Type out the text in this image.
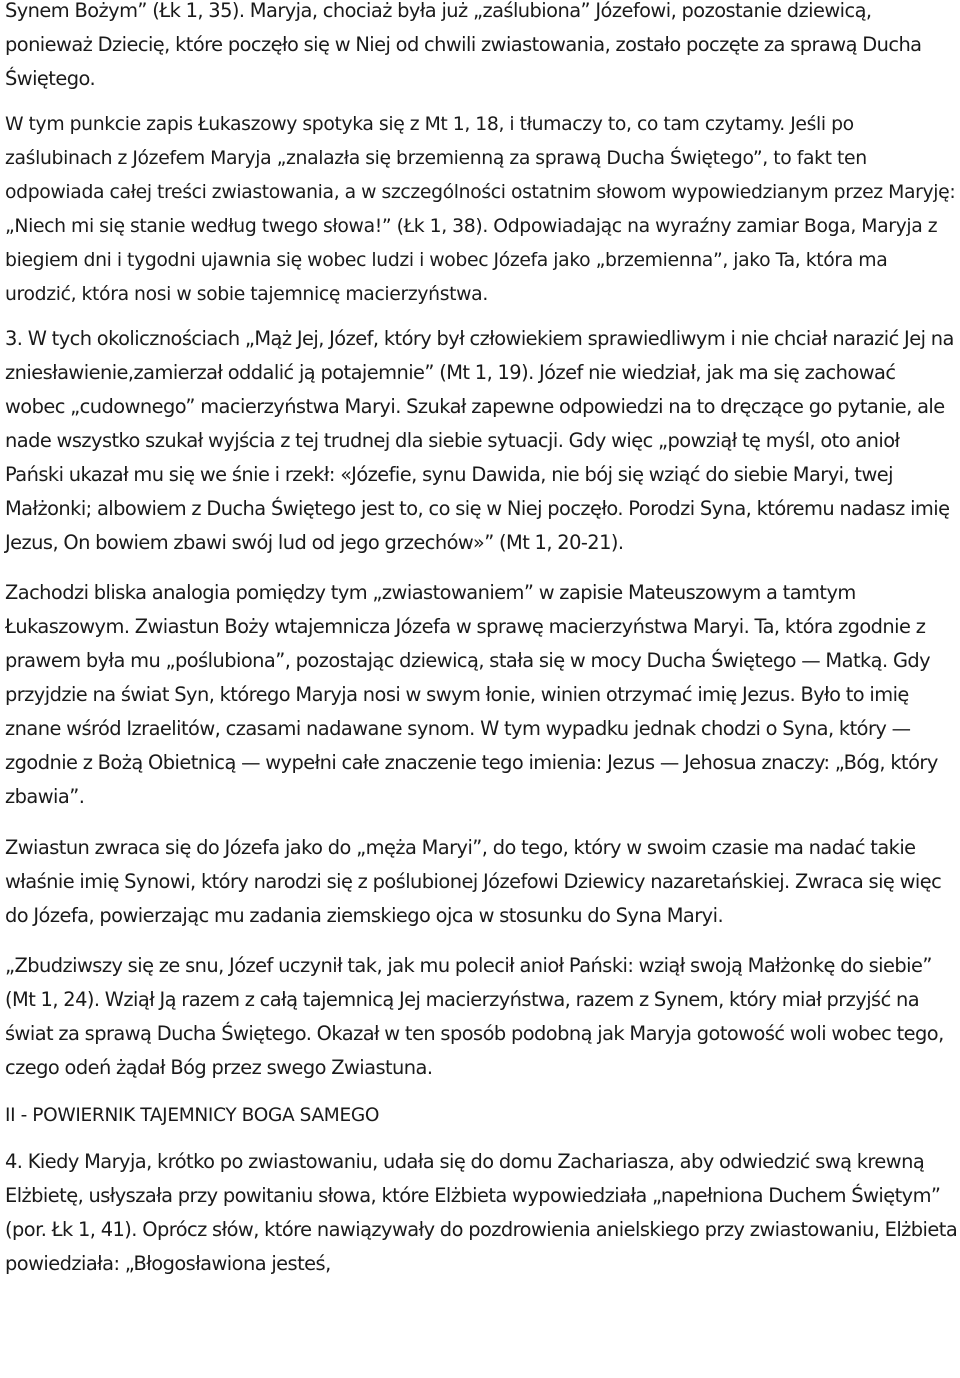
Synem Bożym” (Łk 1, 35). Maryja, chociaż była już „zaślubiona” Józefowi, pozostanie dziewicą, ponieważ Dziecię, które poczęło się w Niej od chwili zwiastowania, zostało poczęte za sprawą Ducha Świętego.

W tym punkcie zapis Łukaszowy spotyka się z Mt 1, 18, i tłumaczy to, co tam czytamy. Jeśli po zaślubinach z Józefem Maryja „znalazła się brzemienną za sprawą Ducha Świętego”, to fakt ten odpowiada całej treści zwiastowania, a w szczególności ostatnim słowom wypowiedzianym przez Maryję: „Niech mi się stanie według twego słowa!” (Łk 1, 38). Odpowiadając na wyraźny zamiar Boga, Maryja z biegiem dni i tygodni ujawnia się wobec ludzi i wobec Józefa jako „brzemienna”, jako Ta, która ma urodzić, która nosi w sobie tajemnicę macierzyństwa.

3. W tych okolicznościach „Mąż Jej, Józef, który był człowiekiem sprawiedliwym i nie chciał narazić Jej na zniesławienie,zamierzał oddalić ją potajemnie” (Mt 1, 19). Józef nie wiedział, jak ma się zachować wobec „cudownego” macierzyństwa Maryi. Szukał zapewne odpowiedzi na to dręczące go pytanie, ale nade wszystko szukał wyjścia z tej trudnej dla siebie sytuacji. Gdy więc „powziął tę myśl, oto anioł Pański ukazał mu się we śnie i rzekł: «Józefie, synu Dawida, nie bój się wziąć do siebie Maryi, twej Małżonki; albowiem z Ducha Świętego jest to, co się w Niej poczęło. Porodzi Syna, któremu nadasz imię Jezus, On bowiem zbawi swój lud od jego grzechów»” (Mt 1, 20-21).

Zachodzi bliska analogia pomiędzy tym „zwiastowaniem” w zapisie Mateuszowym a tamtym Łukaszowym. Zwiastun Boży wtajemnicza Józefa w sprawę macierzyństwa Maryi. Ta, która zgodnie z prawem była mu „poślubiona”, pozostając dziewicą, stała się w mocy Ducha Świętego — Matką. Gdy przyjdzie na świat Syn, którego Maryja nosi w swym łonie, winien otrzymać imię Jezus. Było to imię znane wśród Izraelitów, czasami nadawane synom. W tym wypadku jednak chodzi o Syna, który — zgodnie z Bożą Obietnicą — wypełni całe znaczenie tego imienia: Jezus — Jehosua znaczy: „Bóg, który zbawia”.

Zwiastun zwraca się do Józefa jako do „męża Maryi”, do tego, który w swoim czasie ma nadać takie właśnie imię Synowi, który narodzi się z poślubionej Józefowi Dziewicy nazaretańskiej. Zwraca się więc do Józefa, powierzając mu zadania ziemskiego ojca w stosunku do Syna Maryi.

„Zbudziwszy się ze snu, Józef uczynił tak, jak mu polecił anioł Pański: wziął swoją Małżonkę do siebie” (Mt 1, 24). Wziął Ją razem z całą tajemnicą Jej macierzyństwa, razem z Synem, który miał przyjść na świat za sprawą Ducha Świętego. Okazał w ten sposób podobną jak Maryja gotowość woli wobec tego, czego odeń żądał Bóg przez swego Zwiastuna.

II - POWIERNIK TAJEMNICY BOGA SAMEGO

4. Kiedy Maryja, krótko po zwiastowaniu, udała się do domu Zachariasza, aby odwiedzić swą krewną Elżbietę, usłyszała przy powitaniu słowa, które Elżbieta wypowiedziała „napełniona Duchem Świętym” (por. Łk 1, 41). Oprócz słów, które nawiązywały do pozdrowienia anielskiego przy zwiastowaniu, Elżbieta powiedziała: „Błogosławiona jesteś,
